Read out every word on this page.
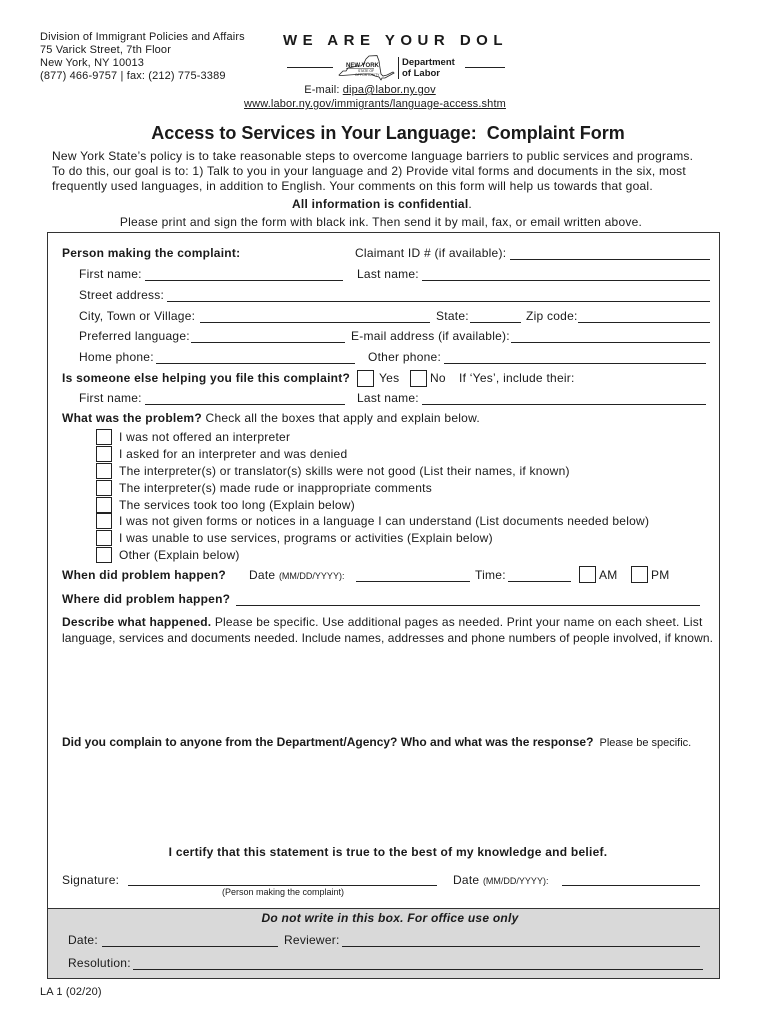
Division of Immigrant Policies and Affairs
75 Varick Street, 7th Floor
New York, NY 10013
(877) 466-9757 | fax: (212) 775-3389
WE ARE YOUR DOL
NEW YORK
STATE OF
OPPORTUNITY
Department
of Labor
E-mail: dipa@labor.ny.gov
www.labor.ny.gov/immigrants/language-access.shtm
Access to Services in Your Language:  Complaint Form
New York State’s policy is to take reasonable steps to overcome language barriers to public services and programs.
To do this, our goal is to: 1) Talk to you in your language and 2) Provide vital forms and documents in the six, most
frequently used languages, in addition to English. Your comments on this form will help us towards that goal.
All information is confidential.
Please print and sign the form with black ink. Then send it by mail, fax, or email written above.
Person making the complaint:	Claimant ID # (if available):
First name:	Last name:
Street address:
City, Town or Village:	State:	Zip code:
Preferred language:	E-mail address (if available):
Home phone:	Other phone:
Is someone else helping you file this complaint? Yes	No If ‘Yes’, include their:
First name:	Last name:
What was the problem? Check all the boxes that apply and explain below.
I was not offered an interpreter
I asked for an interpreter and was denied
The interpreter(s) or translator(s) skills were not good (List their names, if known)
The interpreter(s) made rude or inappropriate comments
The services took too long (Explain below)
I was not given forms or notices in a language I can understand (List documents needed below)
I was unable to use services, programs or activities (Explain below)
Other (Explain below)
When did problem happen? Date (MM/DD/YYYY):	Time:	AM	PM
Where did problem happen?
Describe what happened. Please be specific. Use additional pages as needed. Print your name on each sheet. List
language, services and documents needed. Include names, addresses and phone numbers of people involved, if known.
Did you complain to anyone from the Department/Agency? Who and what was the response?  Please be specific.
I certify that this statement is true to the best of my knowledge and belief.
Signature:	Date (MM/DD/YYYY):
(Person making the complaint)
Do not write in this box. For office use only
Date:	Reviewer:
Resolution:
LA 1 (02/20)
